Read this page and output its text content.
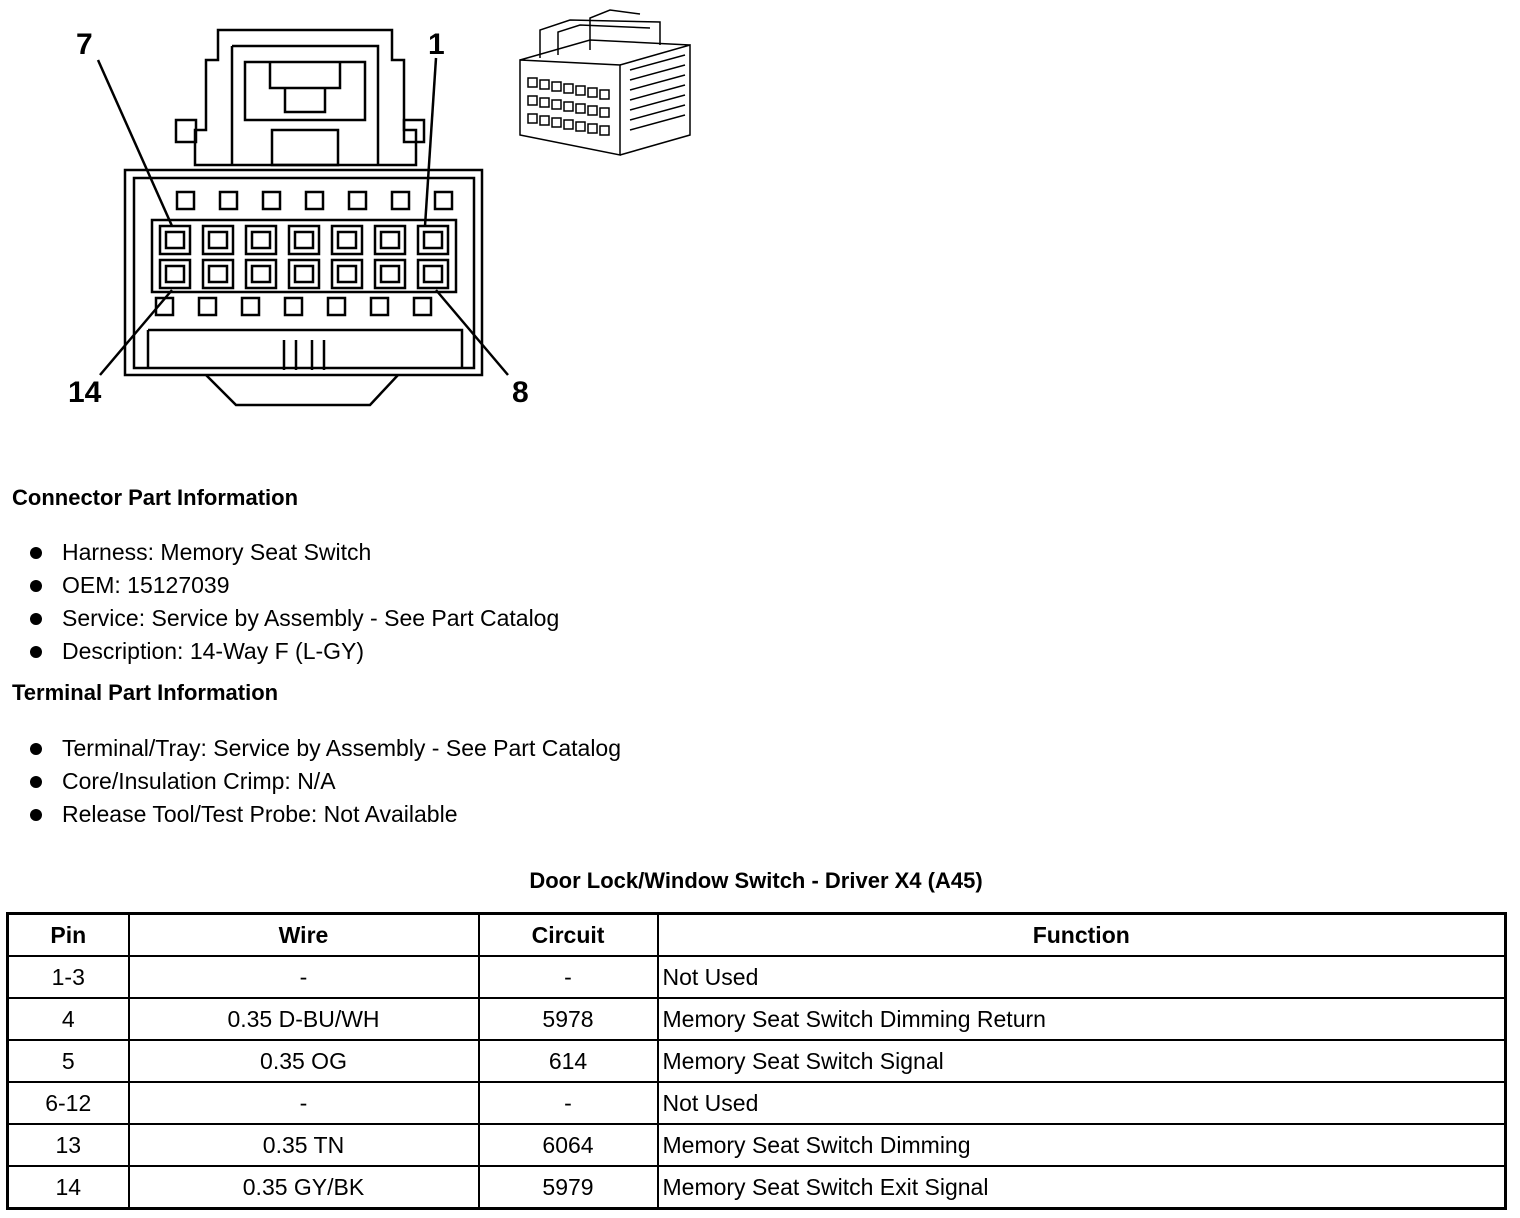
7	1
14	8
Connector Part Information
Harness: Memory Seat Switch
OEM: 15127039
Service: Service by Assembly - See Part Catalog
Description: 14-Way F (L-GY)
Terminal Part Information
Terminal/Tray: Service by Assembly - See Part Catalog
Core/Insulation Crimp: N/A
Release Tool/Test Probe: Not Available
Door Lock/Window Switch - Driver X4 (A45)
Pin	Wire	Circuit	Function
1-3	-	-	Not Used
4	0.35 D-BU/WH	5978	Memory Seat Switch Dimming Return
5	0.35 OG	614	Memory Seat Switch Signal
6-12	-	-	Not Used
13	0.35 TN	6064	Memory Seat Switch Dimming
14	0.35 GY/BK	5979	Memory Seat Switch Exit Signal
